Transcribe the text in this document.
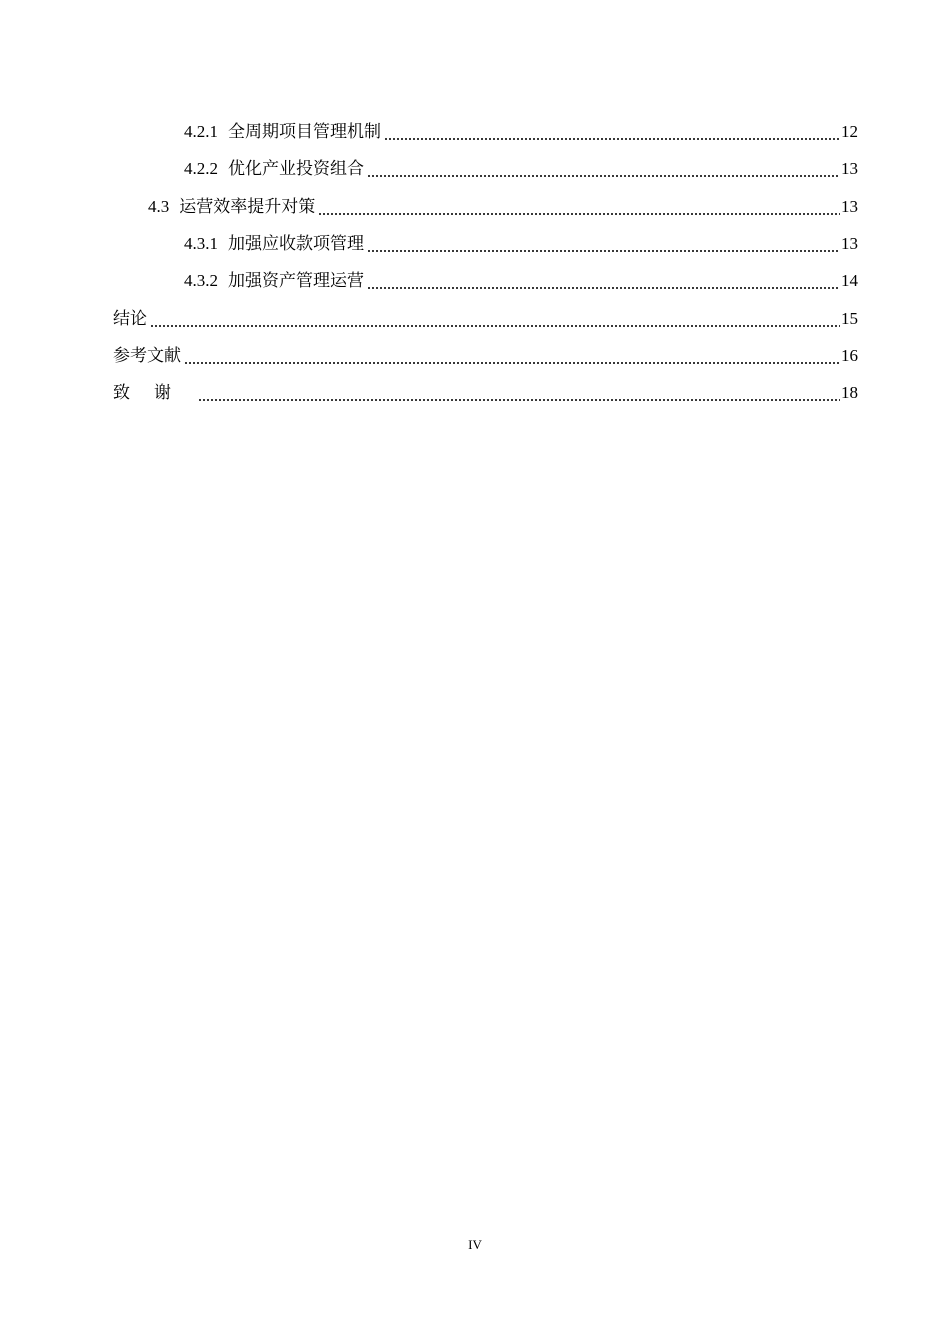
4.2.1 全周期项目管理机制	12
4.2.2 优化产业投资组合	13
4.3 运营效率提升对策	13
4.3.1 加强应收款项管理	13
4.3.2 加强资产管理运营	14
结论	15
参考文献	16
致谢	18
IV
